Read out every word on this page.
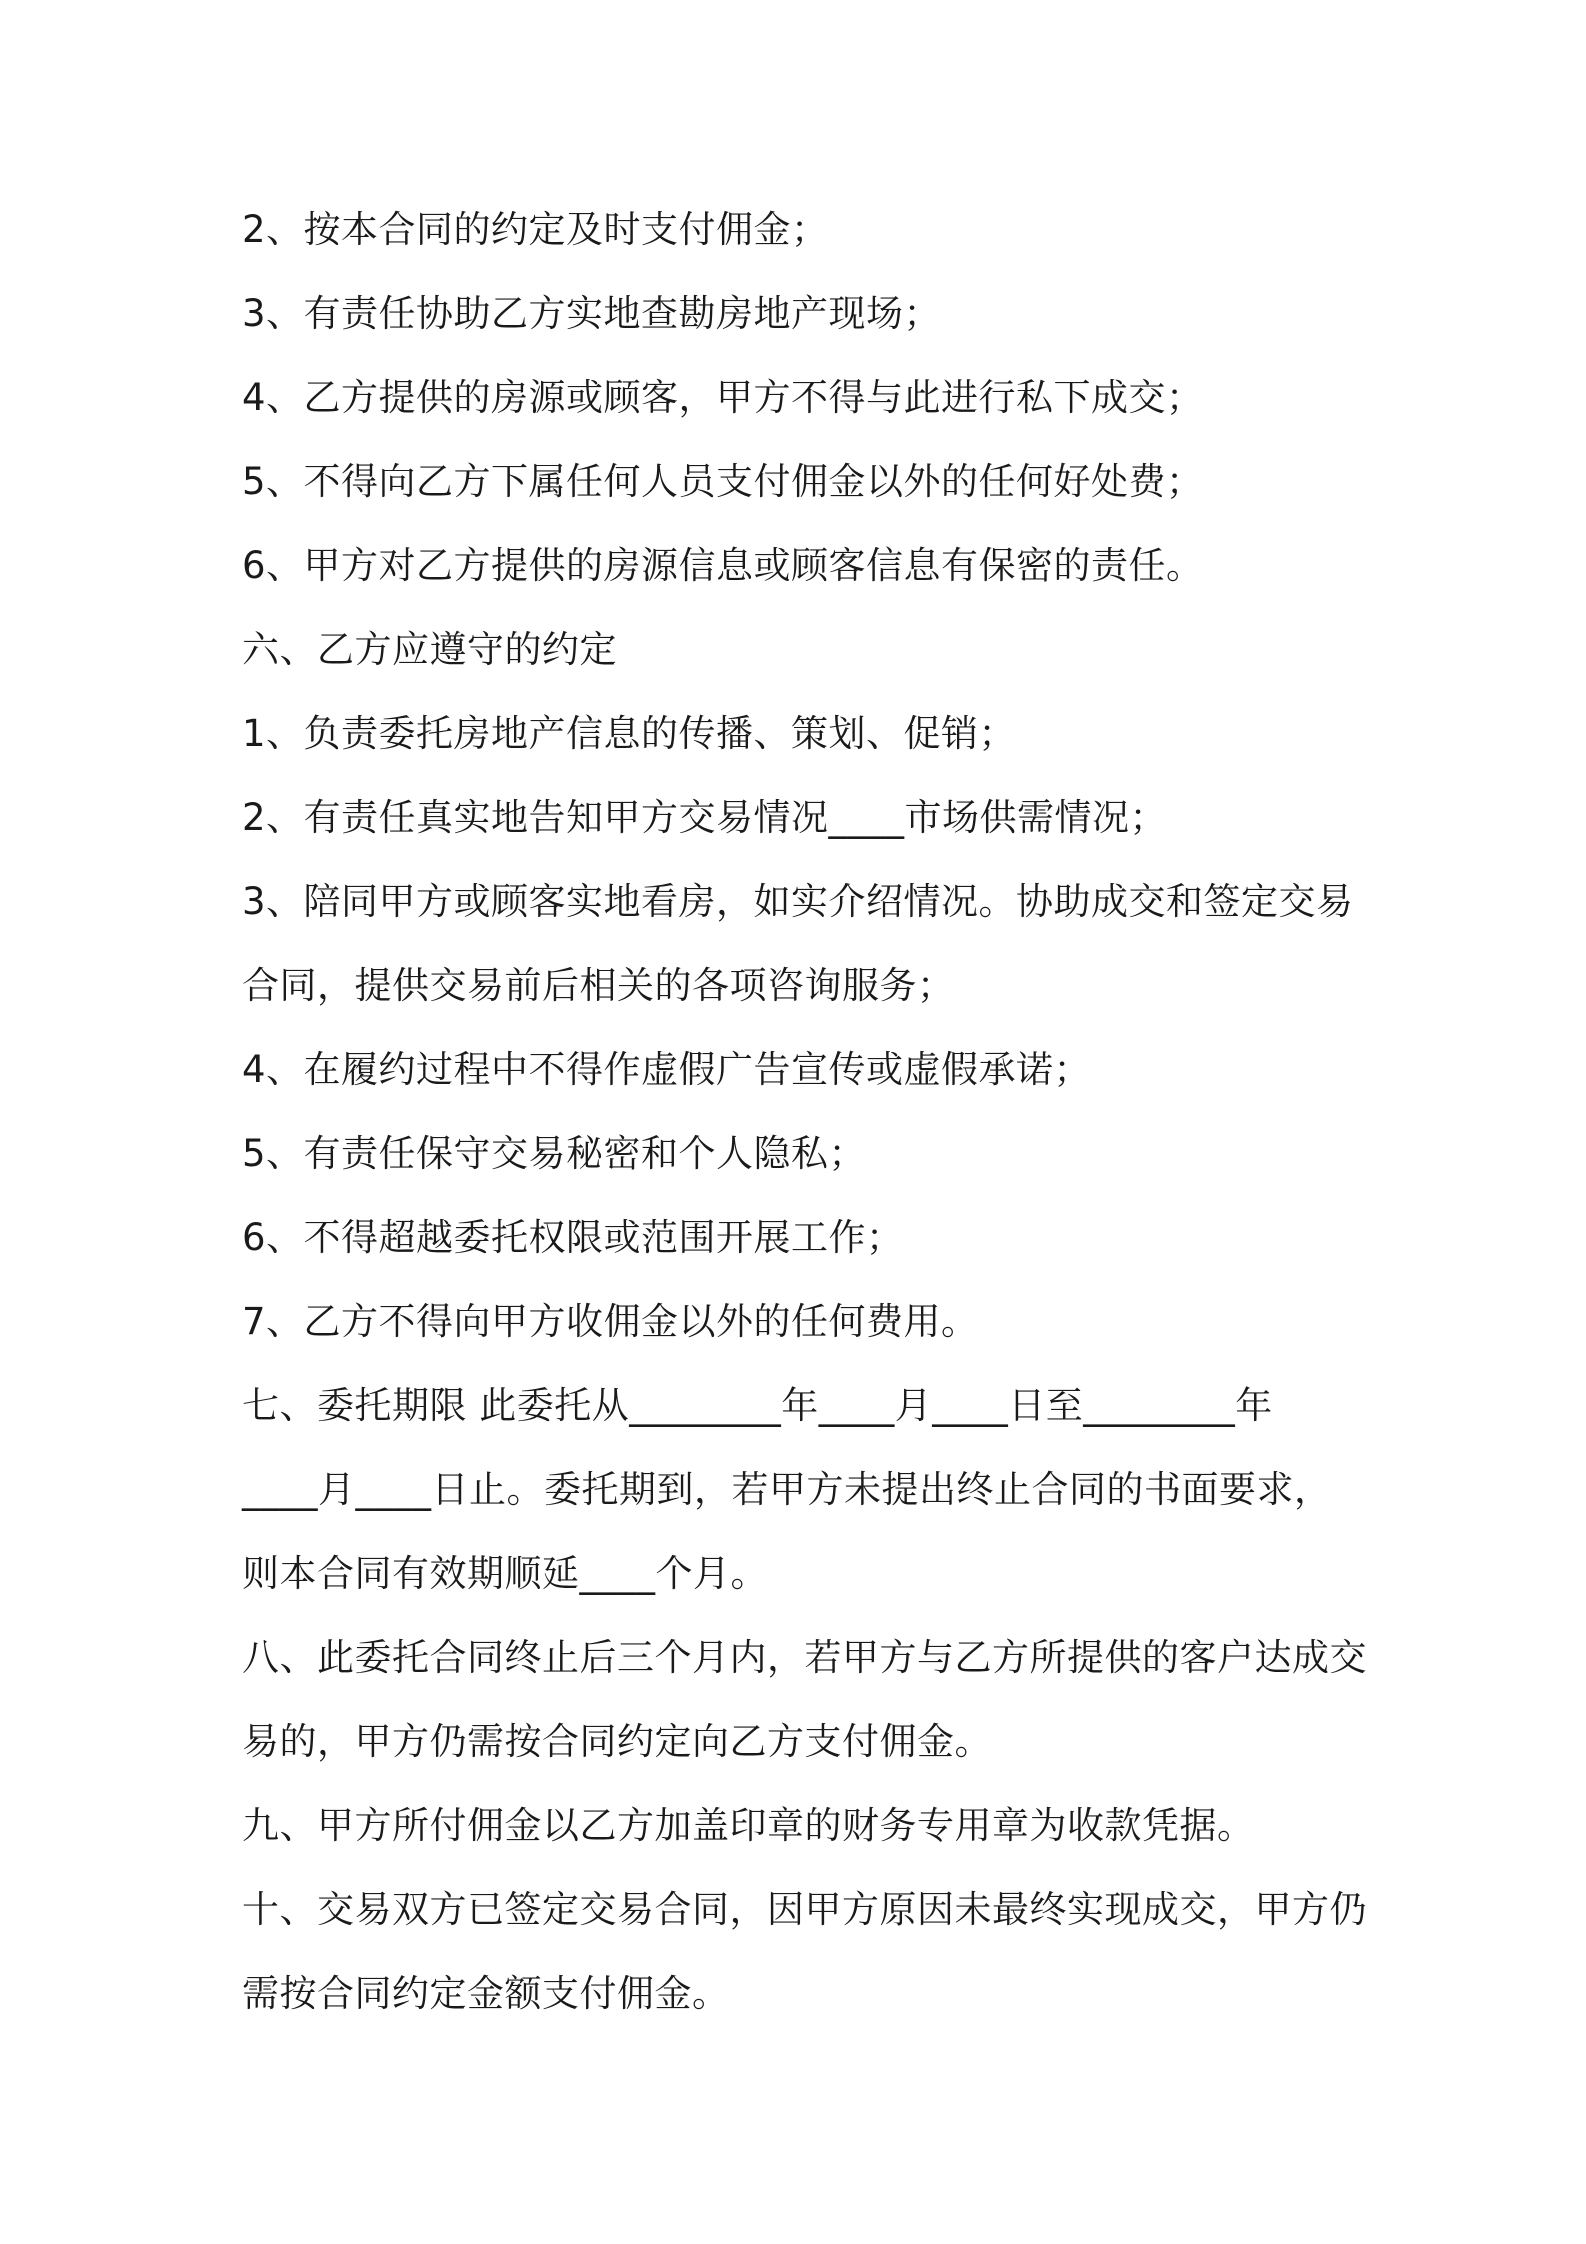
2、按本合同的约定及时支付佣金；
3、有责任协助乙方实地查勘房地产现场；
4、乙方提供的房源或顾客，甲方不得与此进行私下成交；
5、不得向乙方下属任何人员支付佣金以外的任何好处费；
6、甲方对乙方提供的房源信息或顾客信息有保密的责任。
六、乙方应遵守的约定
1、负责委托房地产信息的传播、策划、促销；
2、有责任真实地告知甲方交易情况____市场供需情况；
3、陪同甲方或顾客实地看房，如实介绍情况。协助成交和签定交易
合同，提供交易前后相关的各项咨询服务；
4、在履约过程中不得作虚假广告宣传或虚假承诺；
5、有责任保守交易秘密和个人隐私；
6、不得超越委托权限或范围开展工作；
7、乙方不得向甲方收佣金以外的任何费用。
七、委托期限 此委托从________年____月____日至________年
____月____日止。委托期到，若甲方未提出终止合同的书面要求，
则本合同有效期顺延____个月。
八、此委托合同终止后三个月内，若甲方与乙方所提供的客户达成交
易的，甲方仍需按合同约定向乙方支付佣金。
九、甲方所付佣金以乙方加盖印章的财务专用章为收款凭据。
十、交易双方已签定交易合同，因甲方原因未最终实现成交，甲方仍
需按合同约定金额支付佣金。
